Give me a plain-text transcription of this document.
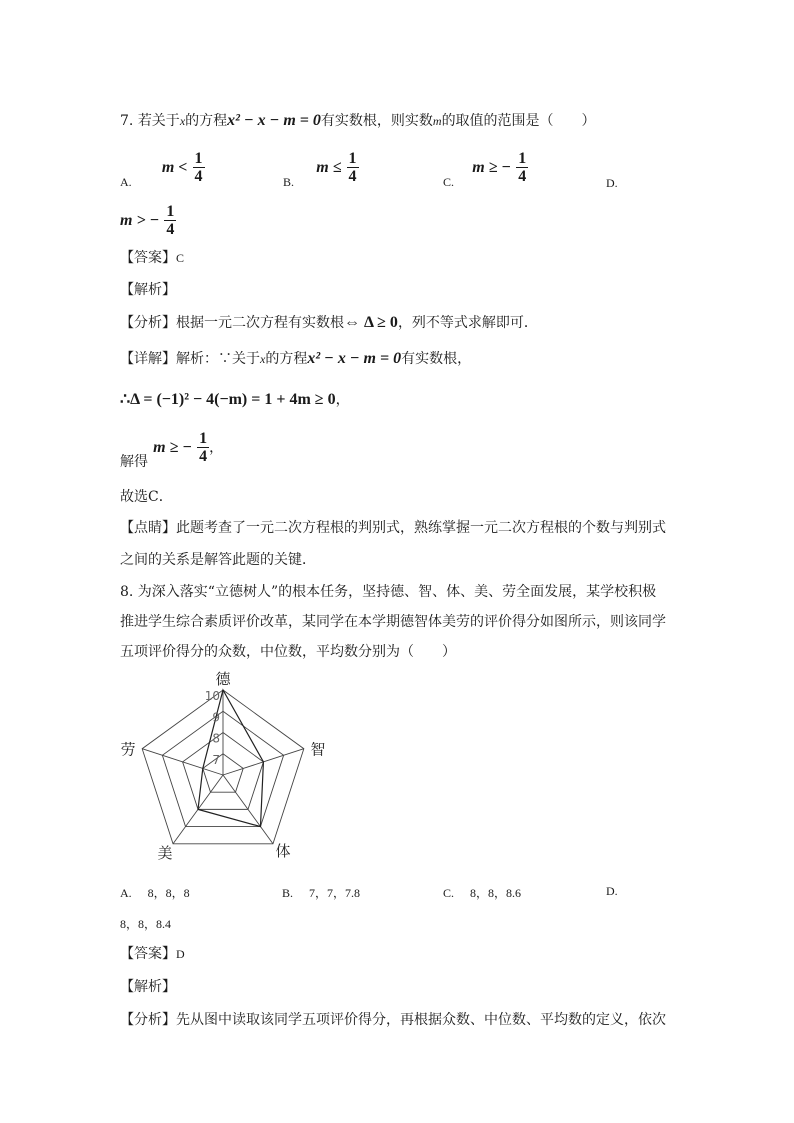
7. 若关于x的方程x² − x − m = 0有实数根，则实数m的取值的范围是（　　）
$_{A.}$  $m < \frac{1}{4}$	$_{B.}$  $m \le \frac{1}{4}$	$_{C.}$  m ≥ − $\frac{1}{4}$	D.
m > − $\frac{1}{4}$
【答案】C
【解析】
【分析】根据一元二次方程有实数根⇔ Δ ≥ 0，列不等式求解即可．
【详解】解析：∵关于x的方程x² − x − m = 0有实数根，
∴Δ = (−1)² − 4(−m) = 1 + 4m ≥ 0，
解得 m ≥ − $\frac{1}{4}$ ，
故选C．
【点睛】此题考查了一元二次方程根的判别式，熟练掌握一元二次方程根的个数与判别式
之间的关系是解答此题的关键．
8. 为深入落实“立德树人”的根本任务，坚持德、智、体、美、劳全面发展，某学校积极
推进学生综合素质评价改革，某同学在本学期德智体美劳的评价得分如图所示，则该同学
五项评价得分的众数，中位数，平均数分别为（　　）
德
智
体
美
劳
7
8
9
10
A. 8，8，8	B. 7，7，7.8	C. 8，8，8.6	D.
8，8，8.4
【答案】D
【解析】
【分析】先从图中读取该同学五项评价得分，再根据众数、中位数、平均数的定义，依次
